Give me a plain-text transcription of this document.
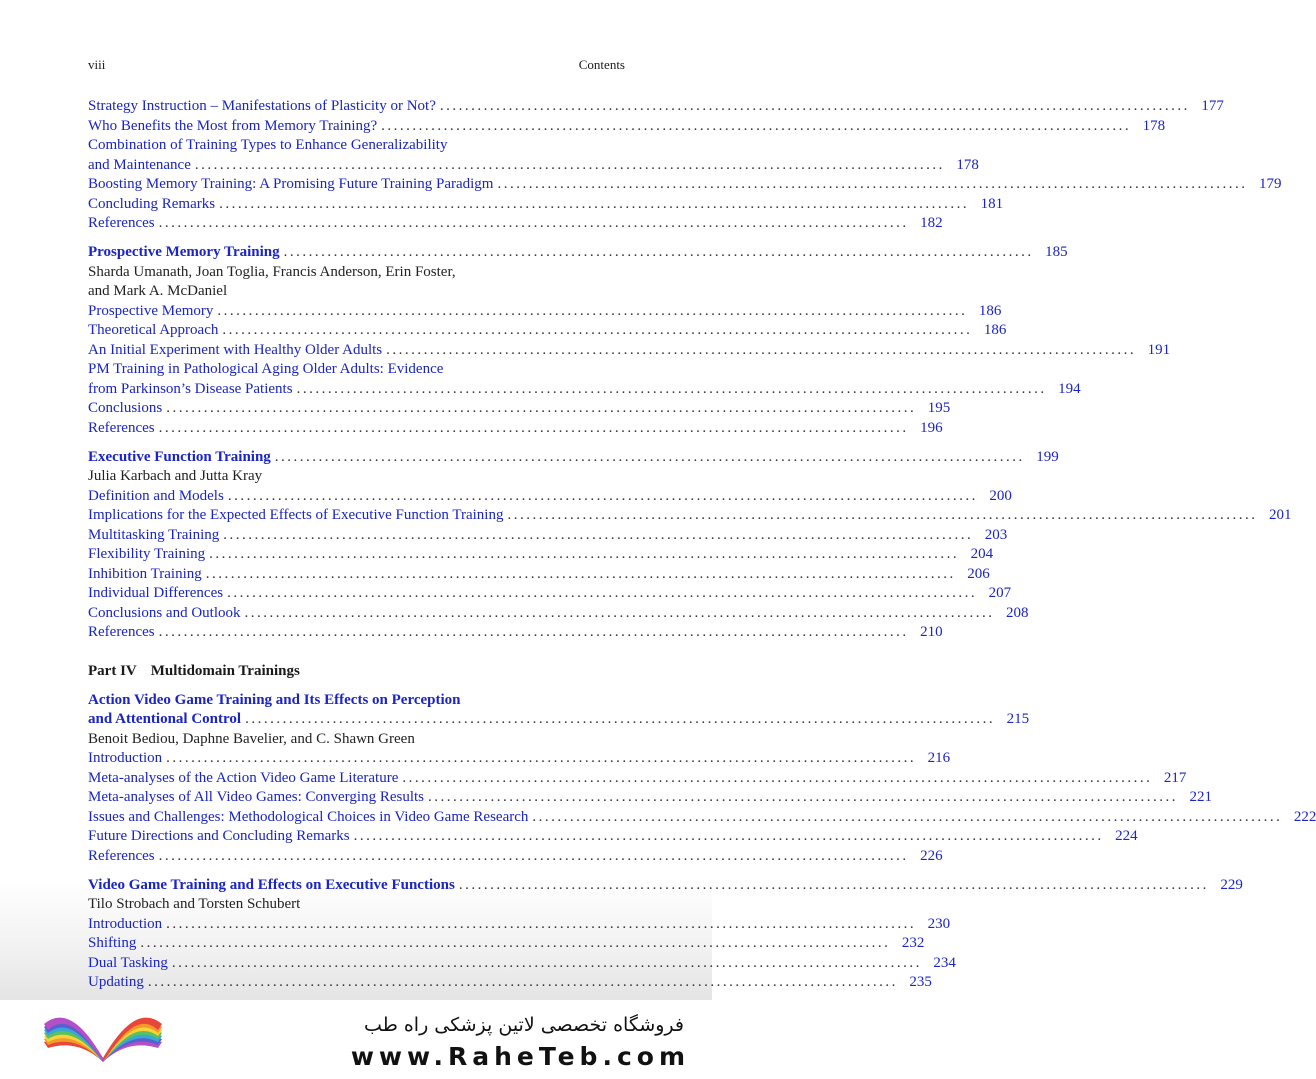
viii	Contents
Strategy Instruction – Manifestations of Plasticity or Not? ........................................................................................................................ 177
Who Benefits the Most from Memory Training? ........................................................................................................................ 178
Combination of Training Types to Enhance Generalizability
and Maintenance ........................................................................................................................ 178
Boosting Memory Training: A Promising Future Training Paradigm ........................................................................................................................ 179
Concluding Remarks ........................................................................................................................ 181
References ........................................................................................................................ 182
Prospective Memory Training ........................................................................................................................ 185
Sharda Umanath, Joan Toglia, Francis Anderson, Erin Foster,
and Mark A. McDaniel
Prospective Memory ........................................................................................................................ 186
Theoretical Approach ........................................................................................................................ 186
An Initial Experiment with Healthy Older Adults ........................................................................................................................ 191
PM Training in Pathological Aging Older Adults: Evidence
from Parkinson’s Disease Patients ........................................................................................................................ 194
Conclusions ........................................................................................................................ 195
References ........................................................................................................................ 196
Executive Function Training ........................................................................................................................ 199
Julia Karbach and Jutta Kray
Definition and Models ........................................................................................................................ 200
Implications for the Expected Effects of Executive Function Training ........................................................................................................................ 201
Multitasking Training ........................................................................................................................ 203
Flexibility Training ........................................................................................................................ 204
Inhibition Training ........................................................................................................................ 206
Individual Differences ........................................................................................................................ 207
Conclusions and Outlook ........................................................................................................................ 208
References ........................................................................................................................ 210
Part IV Multidomain Trainings
Action Video Game Training and Its Effects on Perception
and Attentional Control ........................................................................................................................ 215
Benoit Bediou, Daphne Bavelier, and C. Shawn Green
Introduction ........................................................................................................................ 216
Meta-analyses of the Action Video Game Literature ........................................................................................................................ 217
Meta-analyses of All Video Games: Converging Results ........................................................................................................................ 221
Issues and Challenges: Methodological Choices in Video Game Research ........................................................................................................................ 222
Future Directions and Concluding Remarks ........................................................................................................................ 224
References ........................................................................................................................ 226
Video Game Training and Effects on Executive Functions ........................................................................................................................ 229
Tilo Strobach and Torsten Schubert
Introduction ........................................................................................................................ 230
Shifting ........................................................................................................................ 232
Dual Tasking ........................................................................................................................ 234
Updating ........................................................................................................................ 235
فروشگاه تخصصی لاتین پزشکی راه طب
www.RaheTeb.com
